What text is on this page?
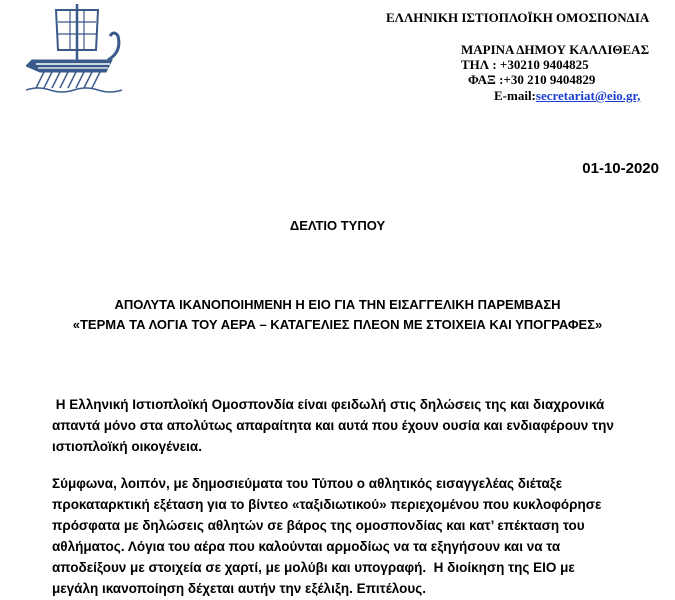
ΕΛΛΗΝΙΚΗ ΙΣΤΙΟΠΛΟΪΚΗ ΟΜΟΣΠΟΝΔΙΑ
ΜΑΡΙΝΑ ΔΗΜΟΥ ΚΑΛΛΙΘΕΑΣ
ΤΗΛ : +30210 9404825
ΦΑΞ :+30 210 9404829
E-mail:secretariat@eio.gr,
01-10-2020
ΔΕΛΤΙΟ ΤΥΠΟΥ
ΑΠΟΛΥΤΑ ΙΚΑΝΟΠΟΙΗΜΕΝΗ Η ΕΙΟ ΓΙΑ ΤΗΝ ΕΙΣΑΓΓΕΛΙΚΗ ΠΑΡΕΜΒΑΣΗ
«ΤΕΡΜΑ ΤΑ ΛΟΓΙΑ ΤΟΥ ΑΕΡΑ – ΚΑΤΑΓΕΛΙΕΣ ΠΛΕΟΝ ΜΕ ΣΤΟΙΧΕΙΑ ΚΑΙ ΥΠΟΓΡΑΦΕΣ»

Η Ελληνική Ιστιοπλοϊκή Ομοσπονδία είναι φειδωλή στις δηλώσεις της και διαχρονικά

απαντά μόνο στα απολύτως απαραίτητα και αυτά που έχουν ουσία και ενδιαφέρουν την

ιστιοπλοϊκή οικογένεια.

Σύμφωνα, λοιπόν, με δημοσιεύματα του Τύπου ο αθλητικός εισαγγελέας διέταξε

προκαταρκτική εξέταση για το βίντεο «ταξιδιωτικού» περιεχομένου που κυκλοφόρησε

πρόσφατα με δηλώσεις αθλητών σε βάρος της ομοσπονδίας και κατ’ επέκταση του

αθλήματος. Λόγια του αέρα που καλούνται αρμοδίως να τα εξηγήσουν και να τα

αποδείξουν με στοιχεία σε χαρτί, με μολύβι και υπογραφή.  Η διοίκηση της ΕΙΟ με

μεγάλη ικανοποίηση δέχεται αυτήν την εξέλιξη. Επιτέλους.
